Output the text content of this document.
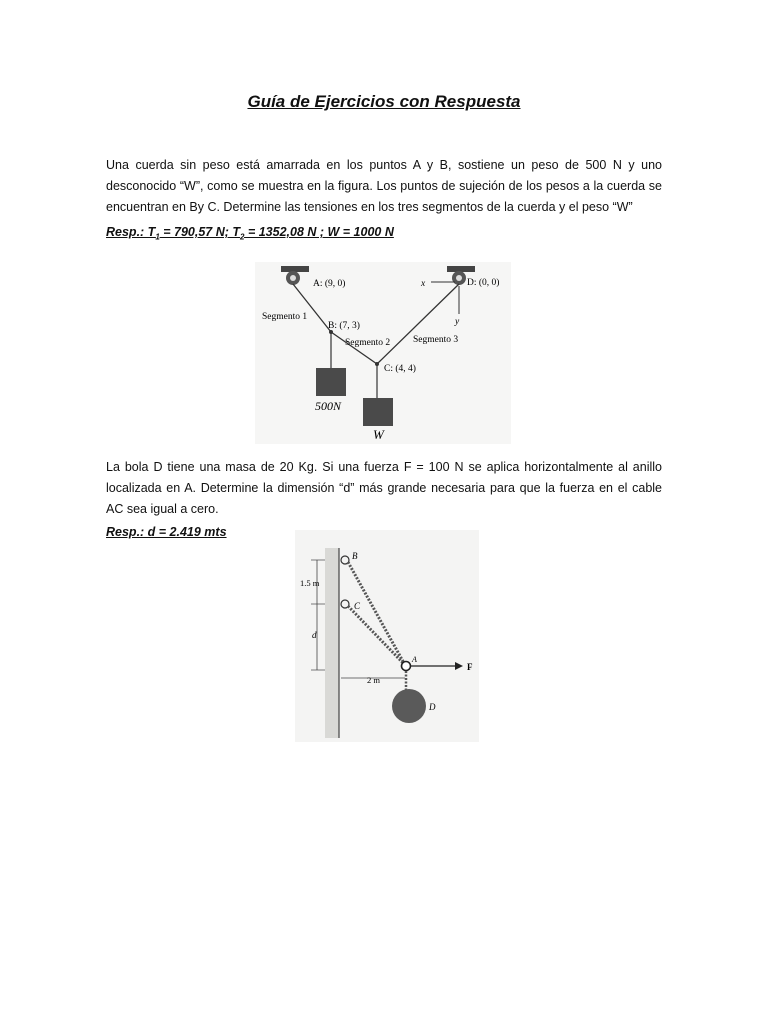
Guía de Ejercicios con Respuesta
Una cuerda sin peso está amarrada en los puntos A y B, sostiene un peso de 500 N y uno desconocido “W”, como se muestra en la figura. Los puntos de sujeción de los pesos a la cuerda se encuentran en By C. Determine las tensiones en los tres segmentos de la cuerda y el peso “W”
Resp.: $T_1 = 790,57$ N; $T_2 = 1352,08$ N ; W = 1000 N
A: (9, 0)	D: (0, 0)
x
y
Segmento 1
B: (7, 3)
Segmento 2 Segmento 3
C: (4, 4)
500N
W
La bola D tiene una masa de 20 Kg. Si una fuerza F = 100 N se aplica horizontalmente al anillo localizada en A. Determine la dimensión “d” más grande necesaria para que la fuerza en el cable AC sea igual a cero.
Resp.: d = 2.419 mts
B
C
A
F
D
1.5 m
d
2 m
